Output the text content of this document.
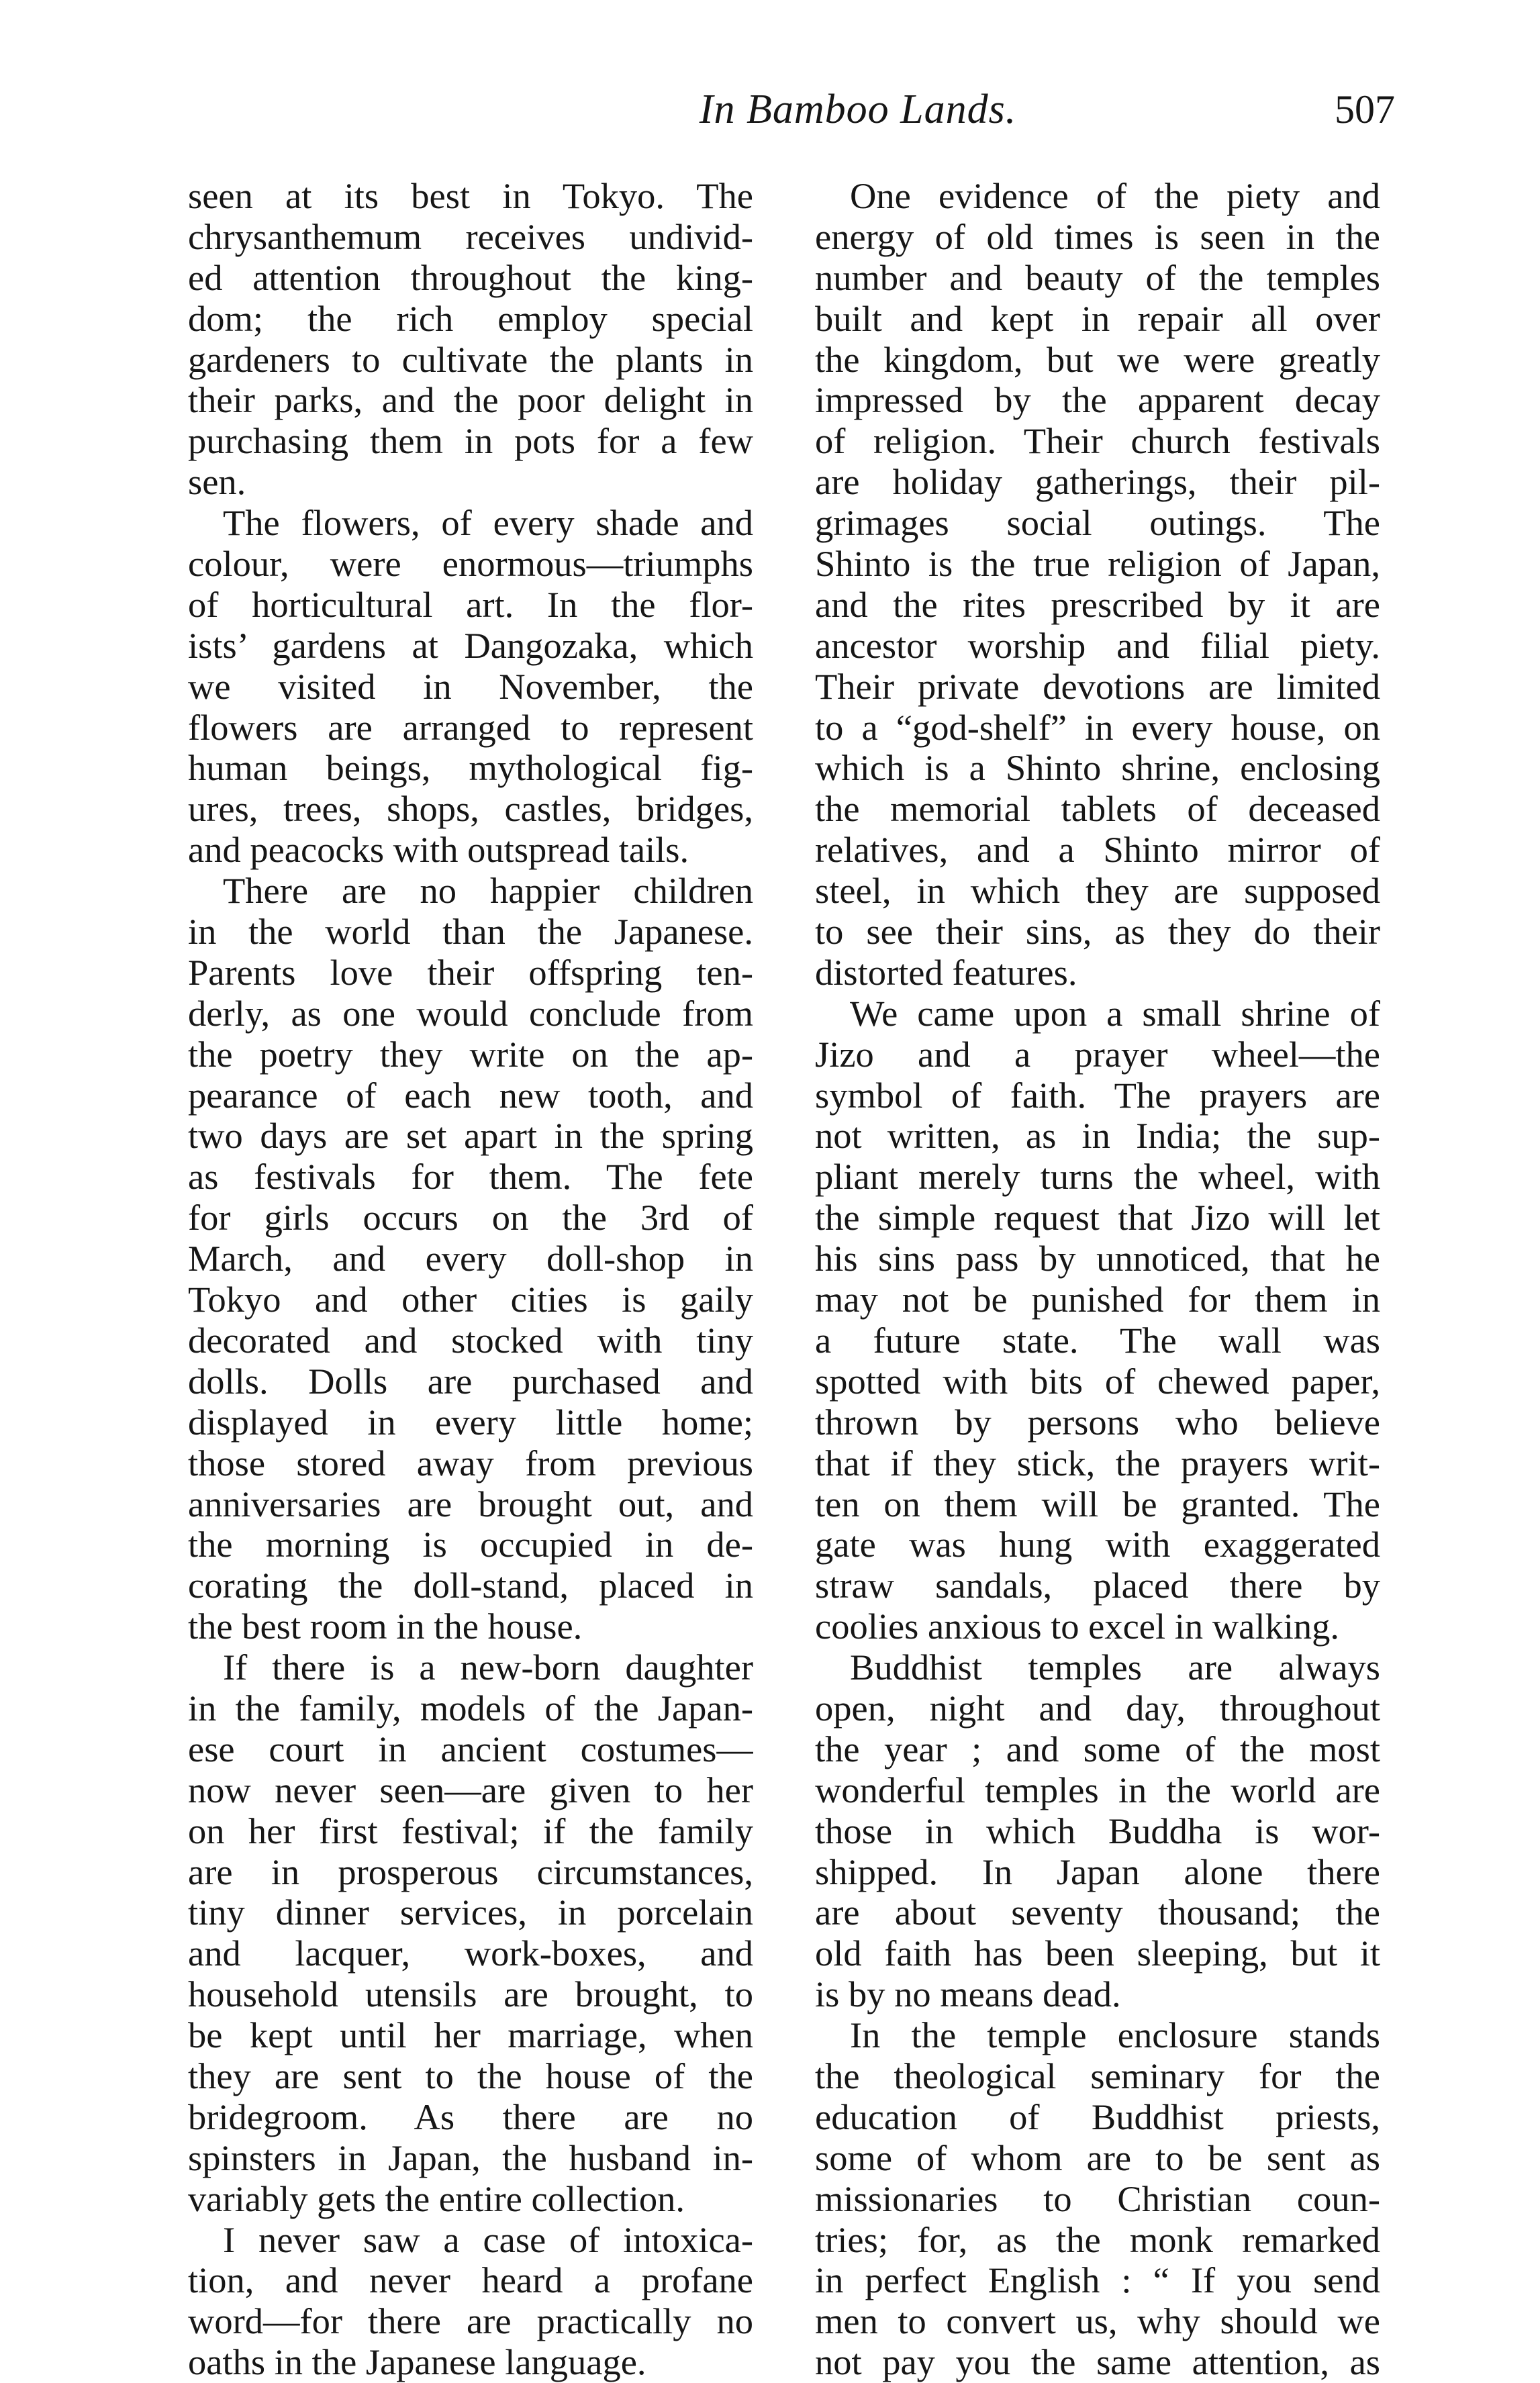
In Bamboo Lands.	507
seen at its best in Tokyo. The
chrysanthemum receives undivid-
ed attention throughout the king-
dom; the rich employ special
gardeners to cultivate the plants in
their parks, and the poor delight in
purchasing them in pots for a few
sen.
The flowers, of every shade and
colour, were enormous—triumphs
of horticultural art. In the flor-
ists’ gardens at Dangozaka, which
we visited in November, the
flowers are arranged to represent
human beings, mythological fig-
ures, trees, shops, castles, bridges,
and peacocks with outspread tails.
There are no happier children
in the world than the Japanese.
Parents love their offspring ten-
derly, as one would conclude from
the poetry they write on the ap-
pearance of each new tooth, and
two days are set apart in the spring
as festivals for them. The fete
for girls occurs on the 3rd of
March, and every doll-shop in
Tokyo and other cities is gaily
decorated and stocked with tiny
dolls. Dolls are purchased and
displayed in every little home;
those stored away from previous
anniversaries are brought out, and
the morning is occupied in de-
corating the doll-stand, placed in
the best room in the house.
If there is a new-born daughter
in the family, models of the Japan-
ese court in ancient costumes—
now never seen—are given to her
on her first festival; if the family
are in prosperous circumstances,
tiny dinner services, in porcelain
and lacquer, work-boxes, and
household utensils are brought, to
be kept until her marriage, when
they are sent to the house of the
bridegroom. As there are no
spinsters in Japan, the husband in-
variably gets the entire collection.
I never saw a case of intoxica-
tion, and never heard a profane
word—for there are practically no
oaths in the Japanese language.
One evidence of the piety and
energy of old times is seen in the
number and beauty of the temples
built and kept in repair all over
the kingdom, but we were greatly
impressed by the apparent decay
of religion. Their church festivals
are holiday gatherings, their pil-
grimages social outings. The
Shinto is the true religion of Japan,
and the rites prescribed by it are
ancestor worship and filial piety.
Their private devotions are limited
to a “god-shelf” in every house, on
which is a Shinto shrine, enclosing
the memorial tablets of deceased
relatives, and a Shinto mirror of
steel, in which they are supposed
to see their sins, as they do their
distorted features.
We came upon a small shrine of
Jizo and a prayer wheel—the
symbol of faith. The prayers are
not written, as in India; the sup-
pliant merely turns the wheel, with
the simple request that Jizo will let
his sins pass by unnoticed, that he
may not be punished for them in
a future state. The wall was
spotted with bits of chewed paper,
thrown by persons who believe
that if they stick, the prayers writ-
ten on them will be granted. The
gate was hung with exaggerated
straw sandals, placed there by
coolies anxious to excel in walking.
Buddhist temples are always
open, night and day, throughout
the year ; and some of the most
wonderful temples in the world are
those in which Buddha is wor-
shipped. In Japan alone there
are about seventy thousand; the
old faith has been sleeping, but it
is by no means dead.
In the temple enclosure stands
the theological seminary for the
education of Buddhist priests,
some of whom are to be sent as
missionaries to Christian coun-
tries; for, as the monk remarked
in perfect English : “ If you send
men to convert us, why should we
not pay you the same attention, as
